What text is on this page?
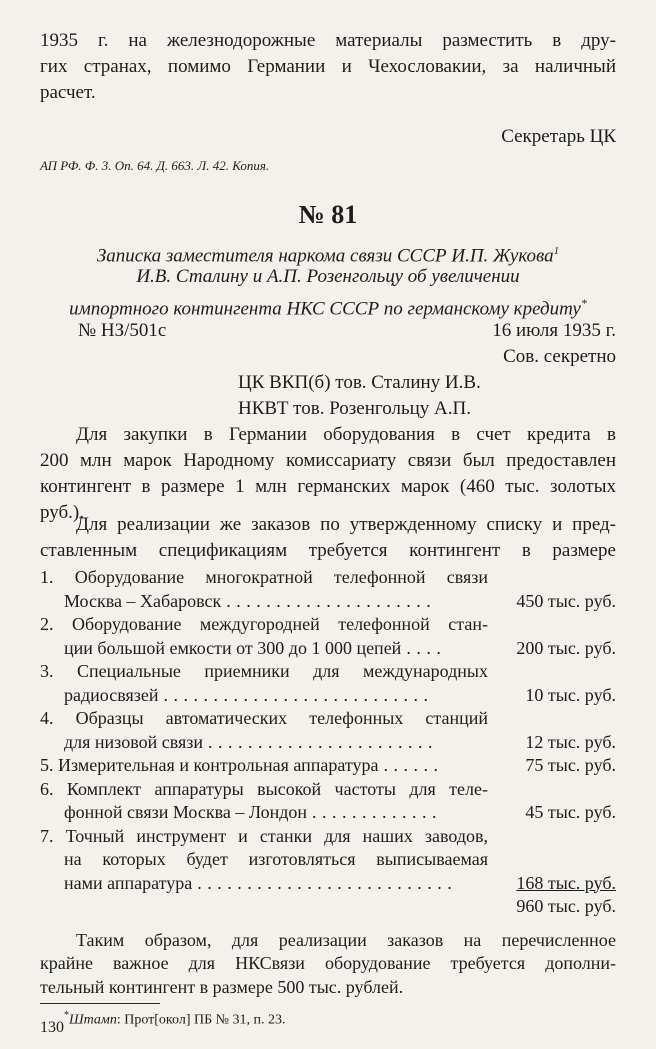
1935 г. на железнодорожные материалы разместить в дру-
гих странах, помимо Германии и Чехословакии, за наличный
расчет.
Секретарь ЦК
АП РФ. Ф. 3. Оп. 64. Д. 663. Л. 42. Копия.
№ 81
Записка заместителя наркома связи СССР И.П. Жукова$^1$
И.В. Сталину и А.П. Розенгольцу об увеличении
импортного контингента НКС СССР по германскому кредиту*
№ НЗ/501с	16 июля 1935 г.
Сов. секретно
ЦК ВКП(б) тов. Сталину И.В.
НКВТ тов. Розенгольцу А.П.
Для закупки в Германии оборудования в счет кредита в
200 млн марок Народному комиссариату связи был предоставлен
контингент в размере 1 млн германских марок (460 тыс. золотых
руб.).
Для реализации же заказов по утвержденному списку и пред-
ставленным спецификациям требуется контингент в размере
1. Оборудование многократной телефонной связи
Москва – Хабаровск . . . . . . . . . . . . . . . . . . . . .	450 тыс. руб.
2. Оборудование междугородней телефонной стан-
ции большой емкости от 300 до 1 000 цепей . . . .	200 тыс. руб.
3. Специальные приемники для международных
радиосвязей . . . . . . . . . . . . . . . . . . . . . . . . . . .	10 тыс. руб.
4. Образцы автоматических телефонных станций
для низовой связи . . . . . . . . . . . . . . . . . . . . . . .	12 тыс. руб.
5. Измерительная и контрольная аппаратура . . . . . .	75 тыс. руб.
6. Комплект аппаратуры высокой частоты для теле-
фонной связи Москва – Лондон . . . . . . . . . . . . .	45 тыс. руб.
7. Точный инструмент и станки для наших заводов,
на которых будет изготовляться выписываемая
нами аппаратура . . . . . . . . . . . . . . . . . . . . . . . . . .	168 тыс. руб.
960 тыс. руб.
Таким образом, для реализации заказов на перечисленное
крайне важное для НКСвязи оборудование требуется дополни-
тельный контингент в размере 500 тыс. рублей.
*Штамп: Прот[окол] ПБ № 31, п. 23.
130
